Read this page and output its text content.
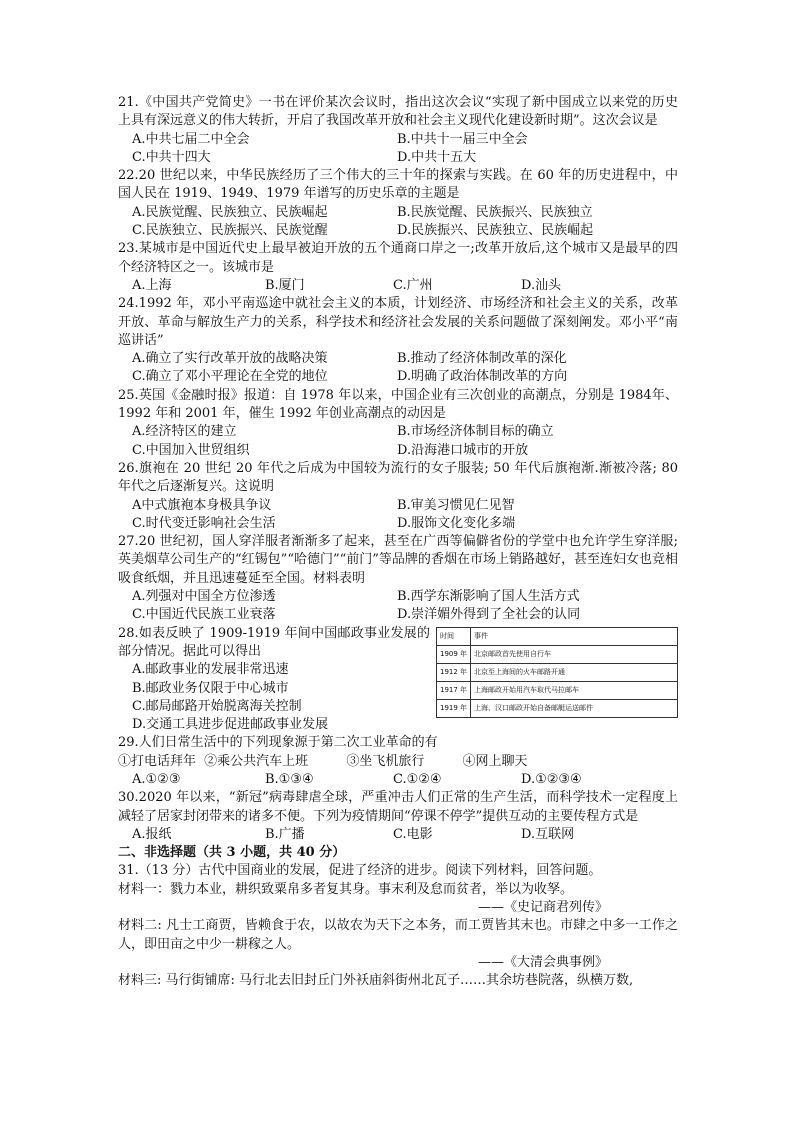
21.《中国共产党简史》一书在评价某次会议时，指出这次会议“实现了新中国成立以来党的历史上具有深远意义的伟大转折，开启了我国改革开放和社会主义现代化建设新时期”。这次会议是

A.中共七届二中全会	B.中共十一届三中全会
C.中共十四大	D.中共十五大

22.20 世纪以来，中华民族经历了三个伟大的三十年的探索与实践。在 60 年的历史进程中，中国人民在 1919、1949、1979 年谱写的历史乐章的主题是

A.民族觉醒、民族独立、民族崛起	B.民族觉醒、民族振兴、民族独立
C.民族独立、民族振兴、民族觉醒	D.民族振兴、民族独立、民族崛起

23.某城市是中国近代史上最早被迫开放的五个通商口岸之一;改革开放后,这个城市又是最早的四个经济特区之一。该城市是

A.上海	B.厦门	C.广州	D.汕头

24.1992 年，邓小平南巡途中就社会主义的本质，计划经济、市场经济和社会主义的关系，改革开放、革命与解放生产力的关系，科学技术和经济社会发展的关系问题做了深刻阐发。邓小平“南巡讲话”

A.确立了实行改革开放的战略决策	B.推动了经济体制改革的深化
C.确立了邓小平理论在全党的地位	D.明确了政治体制改革的方向

25.英国《金融时报》报道：自 1978 年以来，中国企业有三次创业的高潮点，分别是 1984年、1992 年和 2001 年，催生 1992 年创业高潮点的动因是

A.经济特区的建立	B.市场经济体制目标的确立
C.中国加入世贸组织	D.沿海港口城市的开放

26.旗袍在 20 世纪 20 年代之后成为中国较为流行的女子服装; 50 年代后旗袍渐.渐被冷落; 80 年代之后逐渐复兴。这说明

A中式旗袍本身极具争议	B.审美习惯见仁见智
C.时代变迁影响社会生活	D.服饰文化变化多端

27.20 世纪初，国人穿洋服者渐渐多了起来，甚至在广西等偏僻省份的学堂中也允许学生穿洋服;英美烟草公司生产的“红锡包”“哈德门”“前门”等品牌的香烟在市场上销路越好，甚至连妇女也竞相吸食纸烟，并且迅速蔓延至全国。材料表明

A.列强对中国全方位渗透	B.西学东渐影响了国人生活方式
C.中国近代民族工业衰落	D.崇洋媚外得到了全社会的认同

28.如表反映了 1909-1919 年间中国邮政事业发展的部分情况。据此可以得出

A.邮政事业的发展非常迅速
B.邮政业务仅限于中心城市
C.邮局邮路开始脱离海关控制
D.交通工具进步促进邮政事业发展
时间	事件
1909 年	北京邮政首先使用自行车
1912 年	北京至上海间的火车邮路开通
1917 年	上海邮政开始用汽车取代马拉邮车
1919 年	上海、汉口邮政开始自备邮艇运送邮件

29.人们日常生活中的下列现象源于第二次工业革命的有

①打电话拜年 ②乘公共汽车上班	③坐飞机旅行	④网上聊天
A.①②③	B.①③④	C.①②④	D.①②③④

30.2020 年以来，“新冠”病毒肆虐全球，严重冲击人们正常的生产生活，而科学技术一定程度上减轻了居家封闭带来的诸多不便。下列为疫情期间“停课不停学”提供互动的主要传程方式是

A.报纸	B.广播	C.电影	D.互联网

二、非选择题（共 3 小题，共 40 分）

31.（13 分）古代中国商业的发展，促进了经济的进步。阅读下列材料，回答问题。

材料一：戮力本业，耕织致粟帛多者复其身。事末利及怠而贫者，举以为收孥。

——《史记商君列传》

材料二: 凡士工商贾，皆赖食于农，以故农为天下之本务，而工贾皆其末也。市肆之中多一工作之人，即田亩之中少一耕稼之人。

——《大清会典事例》

材料三: 马行街铺席: 马行北去旧封丘门外袄庙斜街州北瓦子……其余坊巷院落，纵横万数,
